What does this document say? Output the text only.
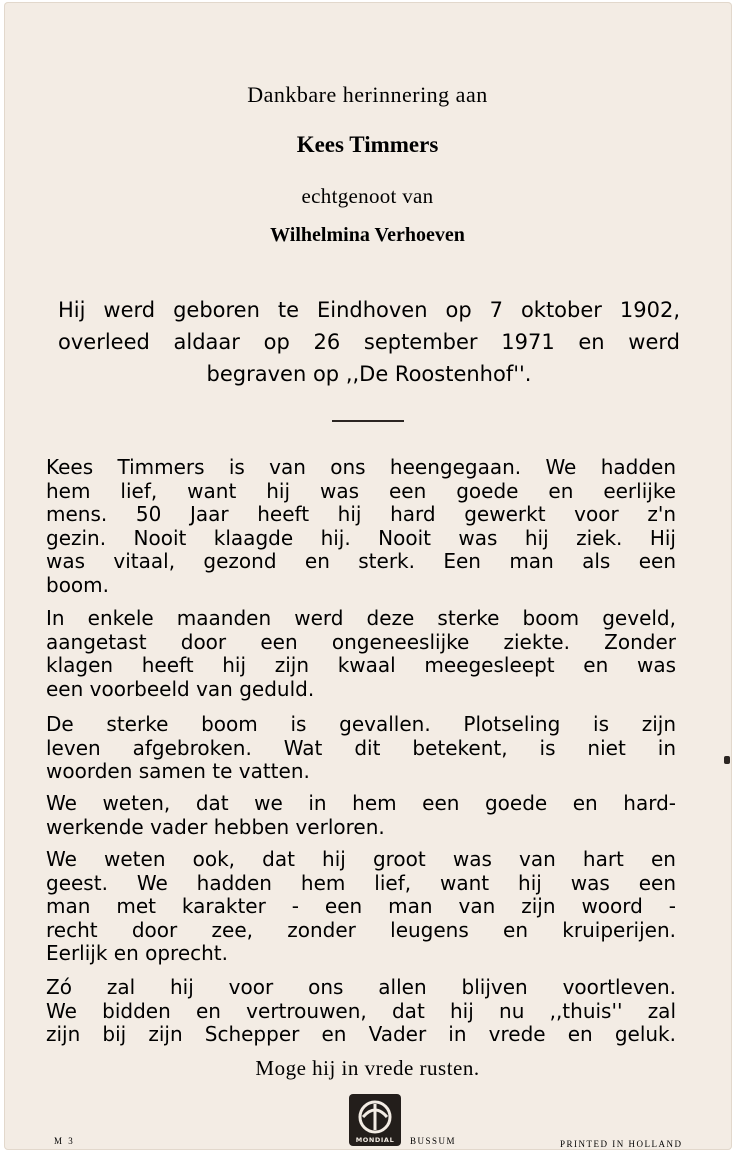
Dankbare herinnering aan
Kees Timmers
echtgenoot van
Wilhelmina Verhoeven
Hij werd geboren te Eindhoven op 7 oktober 1902,
overleed aldaar op 26 september 1971 en werd
begraven op ,,De Roostenhof''.
Kees Timmers is van ons heengegaan. We hadden
hem lief, want hij was een goede en eerlijke
mens. 50 Jaar heeft hij hard gewerkt voor z'n
gezin. Nooit klaagde hij. Nooit was hij ziek. Hij
was vitaal, gezond en sterk. Een man als een
boom.
In enkele maanden werd deze sterke boom geveld,
aangetast door een ongeneeslijke ziekte. Zonder
klagen heeft hij zijn kwaal meegesleept en was
een voorbeeld van geduld.
De sterke boom is gevallen. Plotseling is zijn
leven afgebroken. Wat dit betekent, is niet in
woorden samen te vatten.
We weten, dat we in hem een goede en hard-
werkende vader hebben verloren.
We weten ook, dat hij groot was van hart en
geest. We hadden hem lief, want hij was een
man met karakter - een man van zijn woord -
recht door zee, zonder leugens en kruiperijen.
Eerlijk en oprecht.
Zó zal hij voor ons allen blijven voortleven.
We bidden en vertrouwen, dat hij nu ,,thuis'' zal
zijn bij zijn Schepper en Vader in vrede en geluk.
Moge hij in vrede rusten.
M 3	MONDIAL BUSSUM	PRINTED IN HOLLAND
